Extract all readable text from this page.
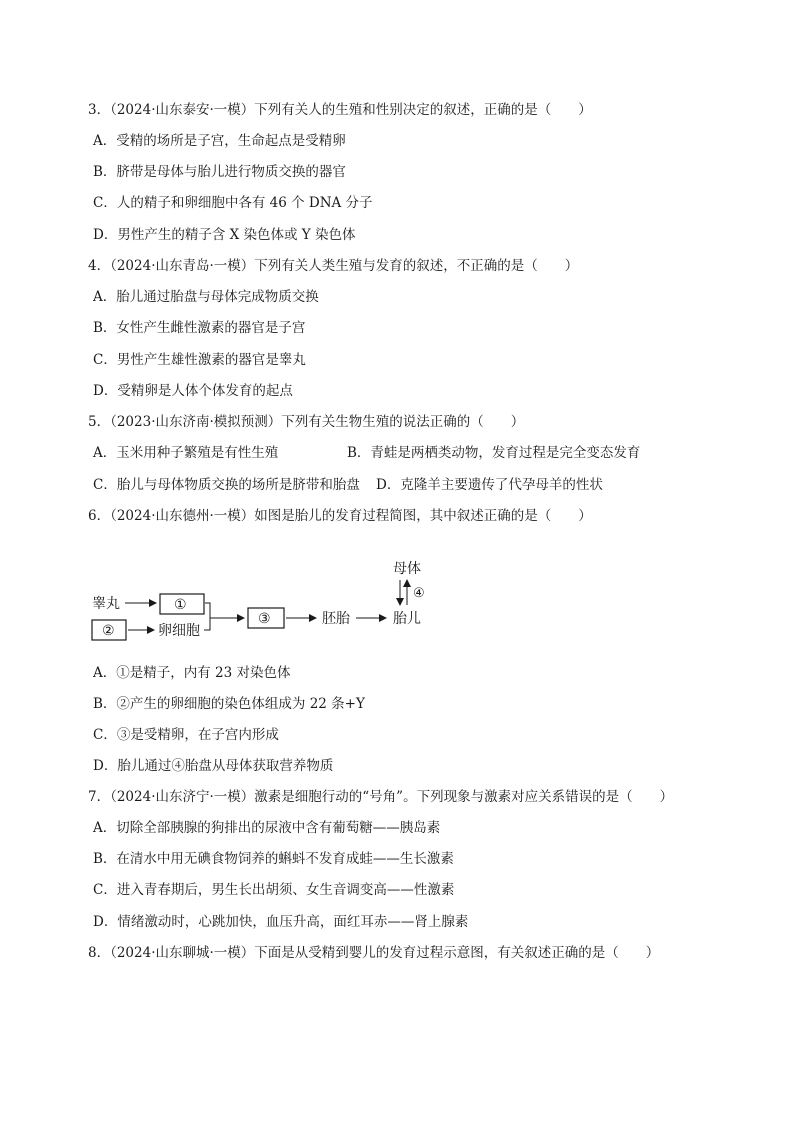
3．（2024·山东泰安·一模）下列有关人的生殖和性别决定的叙述，正确的是（　　）
A．受精的场所是子宫，生命起点是受精卵
B．脐带是母体与胎儿进行物质交换的器官
C．人的精子和卵细胞中各有 46 个 DNA 分子
D．男性产生的精子含 X 染色体或 Y 染色体
4．（2024·山东青岛·一模）下列有关人类生殖与发育的叙述，不正确的是（　　）
A．胎儿通过胎盘与母体完成物质交换
B．女性产生雌性激素的器官是子宫
C．男性产生雄性激素的器官是睾丸
D．受精卵是人体个体发育的起点
5．（2023·山东济南·模拟预测）下列有关生物生殖的说法正确的（　　）
A．玉米用种子繁殖是有性生殖	B．青蛙是两栖类动物，发育过程是完全变态发育
C．胎儿与母体物质交换的场所是脐带和胎盘 D．克隆羊主要遗传了代孕母羊的性状
6．（2024·山东德州·一模）如图是胎儿的发育过程简图，其中叙述正确的是（　　）
睾丸	①
②	卵细胞
③	胚胎	胎儿
母体
④
A．①是精子，内有 23 对染色体
B．②产生的卵细胞的染色体组成为 22 条+Y
C．③是受精卵，在子宫内形成
D．胎儿通过④胎盘从母体获取营养物质
7．（2024·山东济宁·一模）激素是细胞行动的“号角”。下列现象与激素对应关系错误的是（　　）
A．切除全部胰腺的狗排出的尿液中含有葡萄糖——胰岛素
B．在清水中用无碘食物饲养的蝌蚪不发育成蛙——生长激素
C．进入青春期后，男生长出胡须、女生音调变高——性激素
D．情绪激动时，心跳加快，血压升高，面红耳赤——肾上腺素
8．（2024·山东聊城·一模）下面是从受精到婴儿的发育过程示意图，有关叙述正确的是（　　）
